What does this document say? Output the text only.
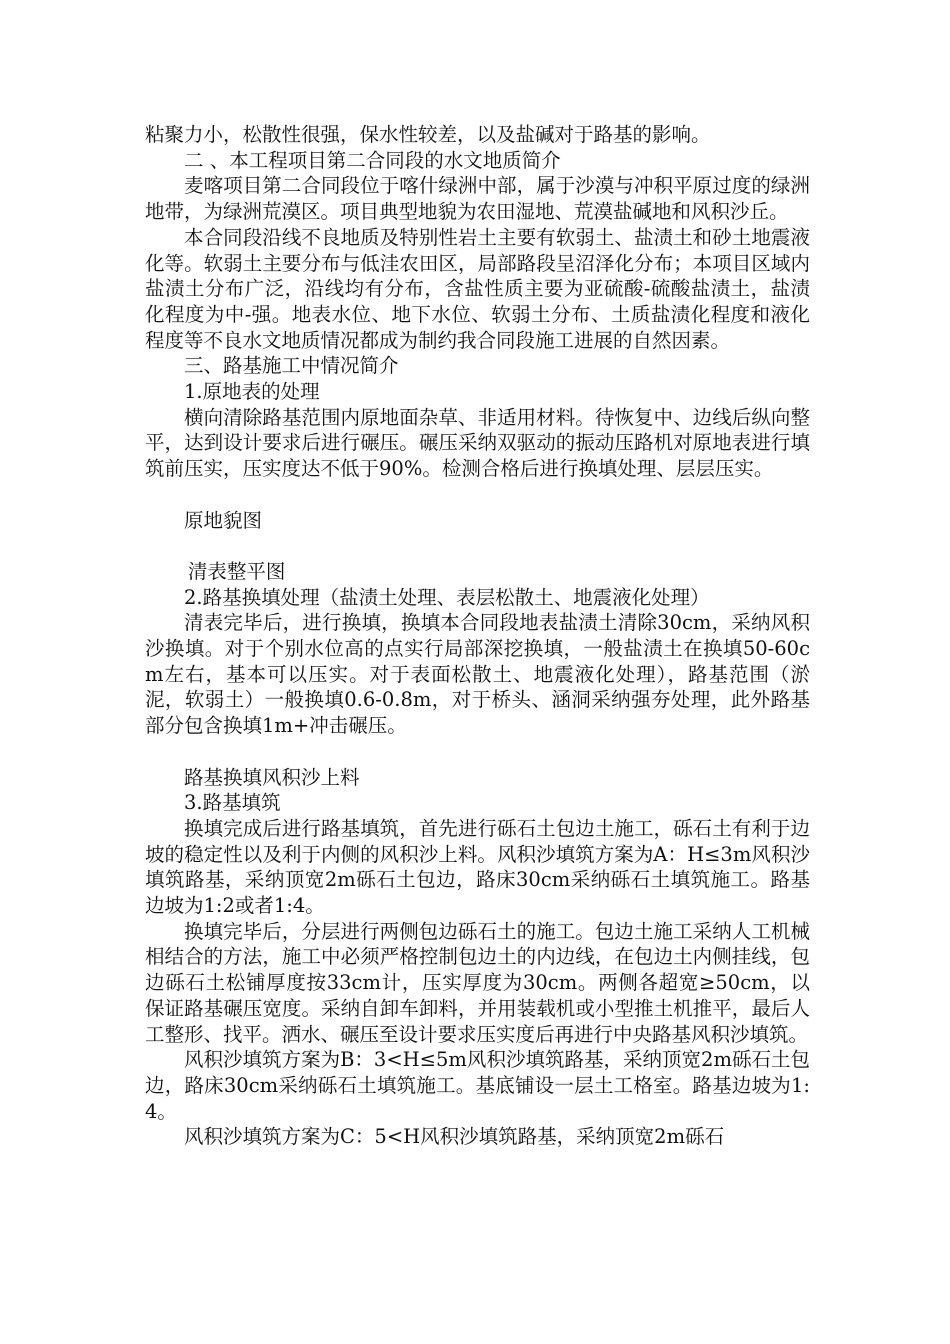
粘聚力小，松散性很强，保水性较差，以及盐碱对于路基的影响。

二 、本工程项目第二合同段的水文地质简介

麦喀项目第二合同段位于喀什绿洲中部，属于沙漠与冲积平原过度的绿洲地带，为绿洲荒漠区。项目典型地貌为农田湿地、荒漠盐碱地和风积沙丘。

本合同段沿线不良地质及特别性岩土主要有软弱土、盐渍土和砂土地震液化等。软弱土主要分布与低洼农田区，局部路段呈沼泽化分布；本项目区域内盐渍土分布广泛，沿线均有分布，含盐性质主要为亚硫酸-硫酸盐渍土，盐渍化程度为中-强。地表水位、地下水位、软弱土分布、土质盐渍化程度和液化程度等不良水文地质情况都成为制约我合同段施工进展的自然因素。

三、路基施工中情况简介

1.原地表的处理

横向清除路基范围内原地面杂草、非适用材料。待恢复中、边线后纵向整平，达到设计要求后进行碾压。碾压采纳双驱动的振动压路机对原地表进行填筑前压实，压实度达不低于90%。检测合格后进行换填处理、层层压实。

原地貌图

清表整平图

2.路基换填处理（盐渍土处理、表层松散土、地震液化处理）

清表完毕后，进行换填，换填本合同段地表盐渍土清除30cm，采纳风积沙换填。对于个别水位高的点实行局部深挖换填，一般盐渍土在换填50-60cm左右，基本可以压实。对于表面松散土、地震液化处理），路基范围（淤泥，软弱土）一般换填0.6-0.8m，对于桥头、涵洞采纳强夯处理，此外路基部分包含换填1m+冲击碾压。

路基换填风积沙上料

3.路基填筑

换填完成后进行路基填筑，首先进行砾石土包边土施工，砾石土有利于边坡的稳定性以及利于内侧的风积沙上料。风积沙填筑方案为A：H≤3m风积沙填筑路基，采纳顶宽2m砾石土包边，路床30cm采纳砾石土填筑施工。路基边坡为1:2或者1:4。

换填完毕后，分层进行两侧包边砾石土的施工。包边土施工采纳人工机械相结合的方法，施工中必须严格控制包边土的内边线，在包边土内侧挂线，包边砾石土松铺厚度按33cm计，压实厚度为30cm。两侧各超宽≥50cm，以保证路基碾压宽度。采纳自卸车卸料，并用装载机或小型推土机推平，最后人工整形、找平。洒水、碾压至设计要求压实度后再进行中央路基风积沙填筑。

风积沙填筑方案为B：3<H≤5m风积沙填筑路基，采纳顶宽2m砾石土包边，路床30cm采纳砾石土填筑施工。基底铺设一层土工格室。路基边坡为1:4。

风积沙填筑方案为C：5<H风积沙填筑路基，采纳顶宽2m砾石
